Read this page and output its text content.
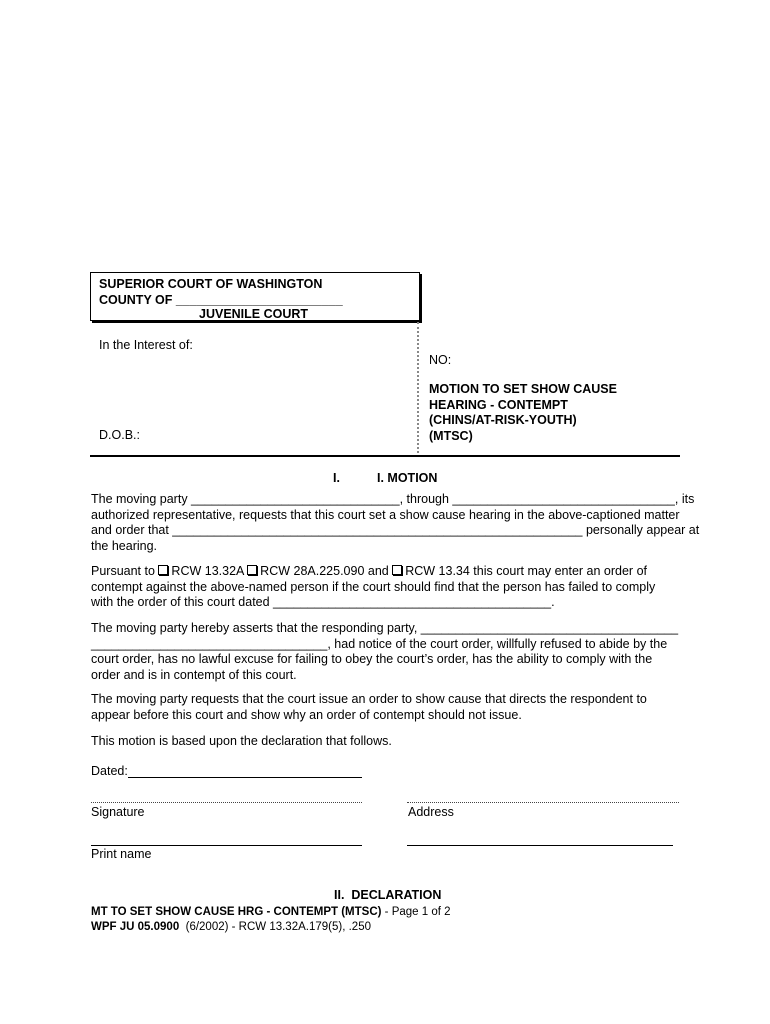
SUPERIOR COURT OF WASHINGTON
COUNTY OF ________________________
JUVENILE COURT
In the Interest of:
D.O.B.:
NO:
MOTION TO SET SHOW CAUSE
HEARING - CONTEMPT
(CHINS/AT-RISK-YOUTH)
(MTSC)
I.	I. MOTION
The moving party ______________________________, through ________________________________, its
authorized representative, requests that this court set a show cause hearing in the above-captioned matter
and order that ___________________________________________________________ personally appear at
the hearing.
Pursuant to RCW 13.32A RCW 28A.225.090 and RCW 13.34 this court may enter an order of
contempt against the above-named person if the court should find that the person has failed to comply
with the order of this court dated ________________________________________.
The moving party hereby asserts that the responding party, _____________________________________
__________________________________, had notice of the court order, willfully refused to abide by the
court order, has no lawful excuse for failing to obey the court’s order, has the ability to comply with the
order and is in contempt of this court.
The moving party requests that the court issue an order to show cause that directs the respondent to
appear before this court and show why an order of contempt should not issue.
This motion is based upon the declaration that follows.
Dated:
Signature	Address
Print name
II.  DECLARATION
MT TO SET SHOW CAUSE HRG - CONTEMPT (MTSC) - Page 1 of 2
WPF JU 05.0900  (6/2002) - RCW 13.32A.179(5), .250
